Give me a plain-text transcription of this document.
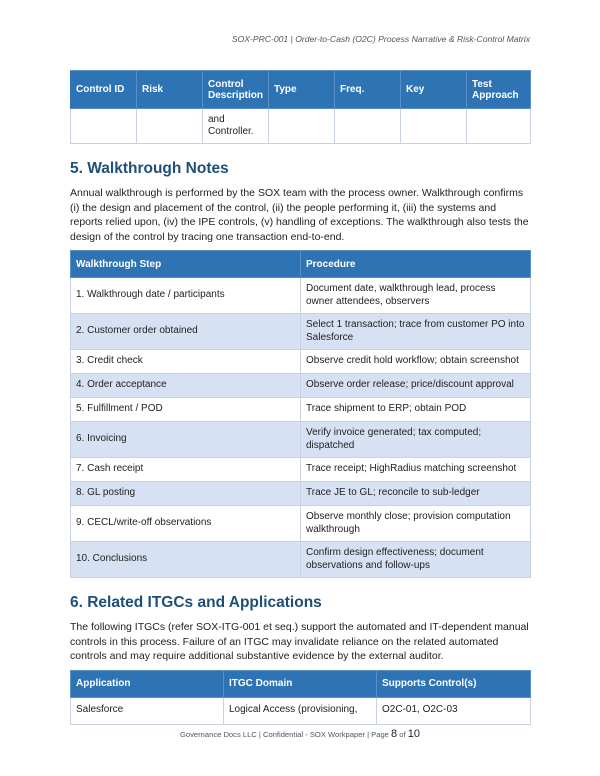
SOX-PRC-001 | Order-to-Cash (O2C) Process Narrative & Risk-Control Matrix
Control ID	Risk	Control Description	Type	Freq.	Key	Test Approach
		and Controller.				
5. Walkthrough Notes

Annual walkthrough is performed by the SOX team with the process owner. Walkthrough confirms (i) the design and placement of the control, (ii) the people performing it, (iii) the systems and reports relied upon, (iv) the IPE controls, (v) handling of exceptions. The walkthrough also tests the design of the control by tracing one transaction end-to-end.

Walkthrough Step	Procedure
1. Walkthrough date / participants	Document date, walkthrough lead, process owner attendees, observers
2. Customer order obtained	Select 1 transaction; trace from customer PO into Salesforce
3. Credit check	Observe credit hold workflow; obtain screenshot
4. Order acceptance	Observe order release; price/discount approval
5. Fulfillment / POD	Trace shipment to ERP; obtain POD
6. Invoicing	Verify invoice generated; tax computed; dispatched
7. Cash receipt	Trace receipt; HighRadius matching screenshot
8. GL posting	Trace JE to GL; reconcile to sub-ledger
9. CECL/write-off observations	Observe monthly close; provision computation walkthrough
10. Conclusions	Confirm design effectiveness; document observations and follow-ups
6. Related ITGCs and Applications

The following ITGCs (refer SOX-ITG-001 et seq.) support the automated and IT-dependent manual controls in this process. Failure of an ITGC may invalidate reliance on the related automated controls and may require additional substantive evidence by the external auditor.

Application	ITGC Domain	Supports Control(s)
Salesforce	Logical Access (provisioning,	O2C-01, O2C-03
Governance Docs LLC | Confidential - SOX Workpaper | Page 8 of 10
